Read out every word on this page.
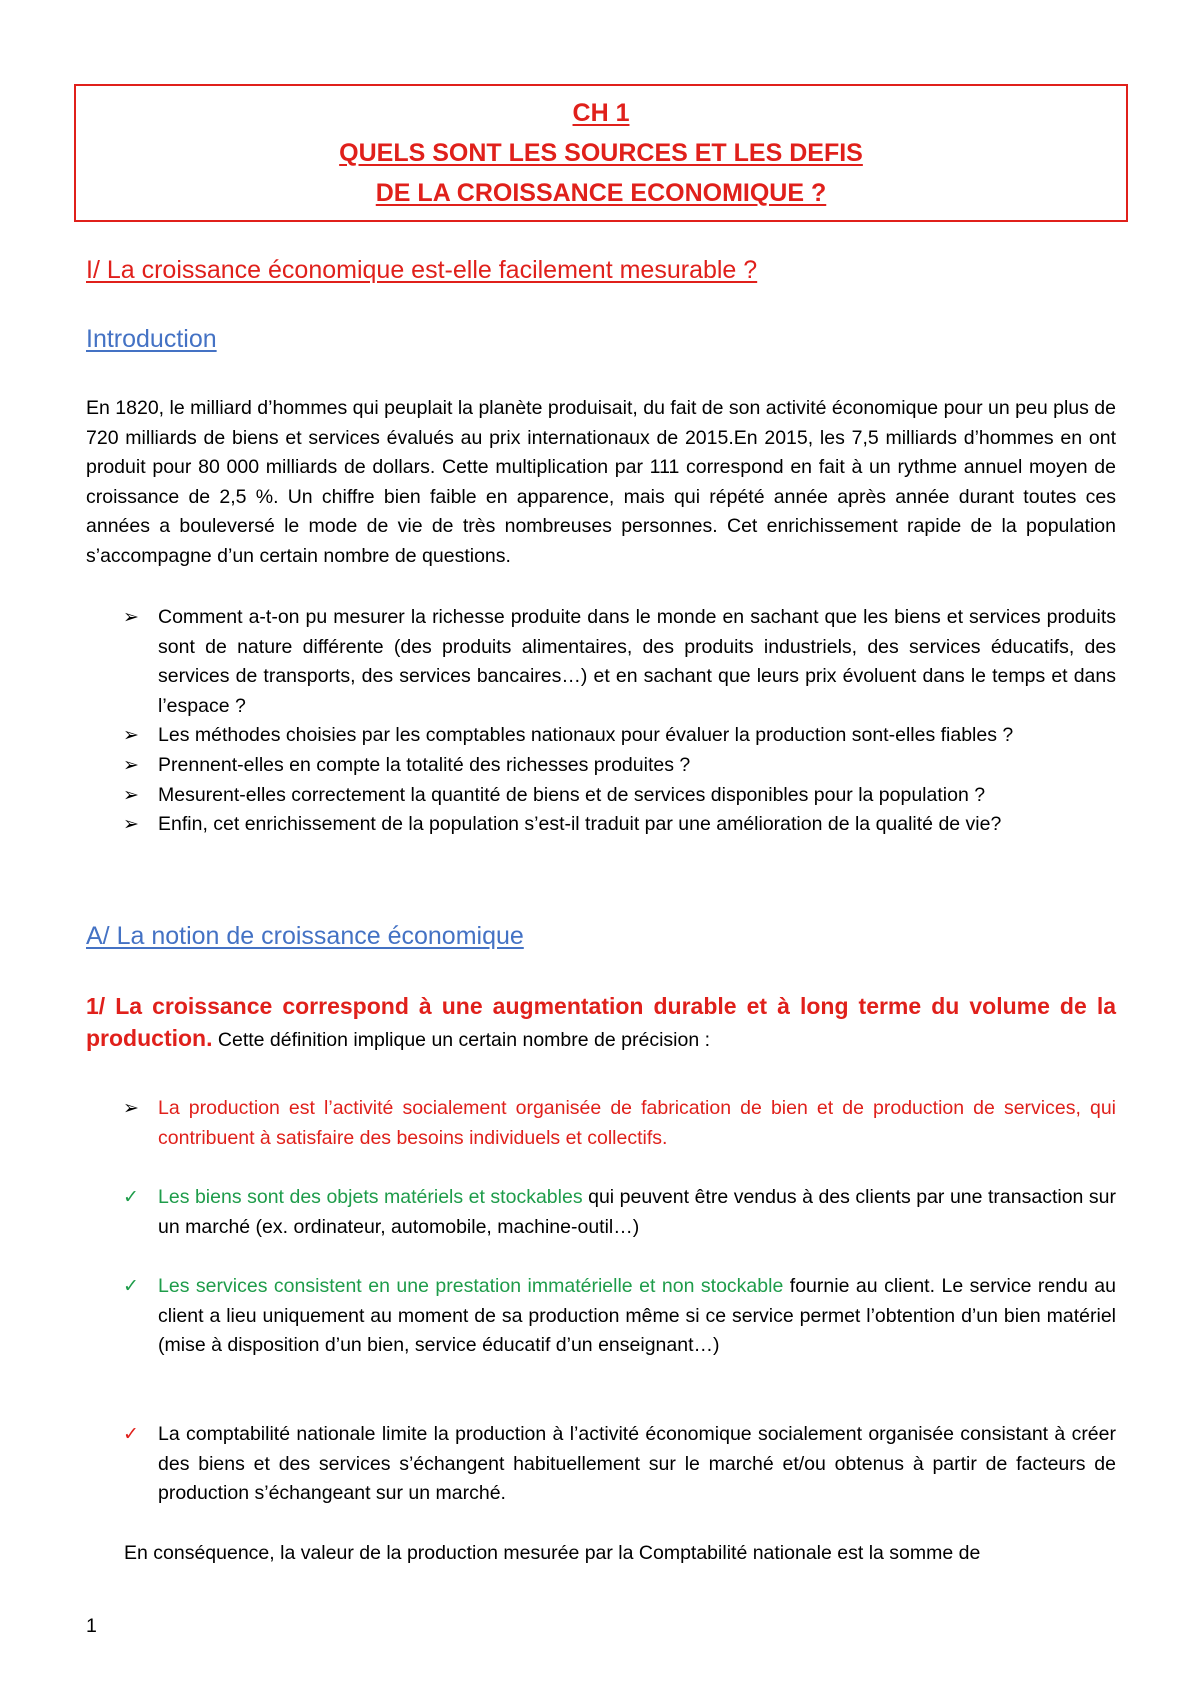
CH 1
QUELS SONT LES SOURCES ET LES DEFIS
DE LA CROISSANCE ECONOMIQUE ?
I/ La croissance économique est-elle facilement mesurable ?
Introduction

En 1820, le milliard d’hommes qui peuplait la planète produisait, du fait de son activité économique pour un peu plus de 720 milliards de biens et services évalués au prix internationaux de 2015.En 2015, les 7,5 milliards d’hommes en ont produit pour 80 000 milliards de dollars. Cette multiplication par 111 correspond en fait à un rythme annuel moyen de croissance de 2,5 %. Un chiffre bien faible en apparence, mais qui répété année après année durant toutes ces années a bouleversé le mode de vie de très nombreuses personnes. Cet enrichissement rapide de la population s’accompagne d’un certain nombre de questions.

➢ Comment a-t-on pu mesurer la richesse produite dans le monde en sachant que les biens et services produits sont de nature différente (des produits alimentaires, des produits industriels, des services éducatifs, des services de transports, des services bancaires…) et en sachant que leurs prix évoluent dans le temps et dans l’espace ?
➢ Les méthodes choisies par les comptables nationaux pour évaluer la production sont-elles fiables ?
➢ Prennent-elles en compte la totalité des richesses produites ?
➢ Mesurent-elles correctement la quantité de biens et de services disponibles pour la population ?
➢ Enfin, cet enrichissement de la population s’est-il traduit par une amélioration de la qualité de vie?
A/ La notion de croissance économique

1/ La croissance correspond à une augmentation durable et à long terme du volume de la production. Cette définition implique un certain nombre de précision :

➢ La production est l’activité socialement organisée de fabrication de bien et de production de services, qui contribuent à satisfaire des besoins individuels et collectifs.
✓ Les biens sont des objets matériels et stockables qui peuvent être vendus à des clients par une transaction sur un marché (ex. ordinateur, automobile, machine-outil…)
✓ Les services consistent en une prestation immatérielle et non stockable fournie au client. Le service rendu au client a lieu uniquement au moment de sa production même si ce service permet l’obtention d’un bien matériel (mise à disposition d’un bien, service éducatif d’un enseignant…)
✓ La comptabilité nationale limite la production à l’activité économique socialement organisée consistant à créer des biens et des services s’échangent habituellement sur le marché et/ou obtenus à partir de facteurs de production s’échangeant sur un marché.

En conséquence, la valeur de la production mesurée par la Comptabilité nationale est la somme de

1
